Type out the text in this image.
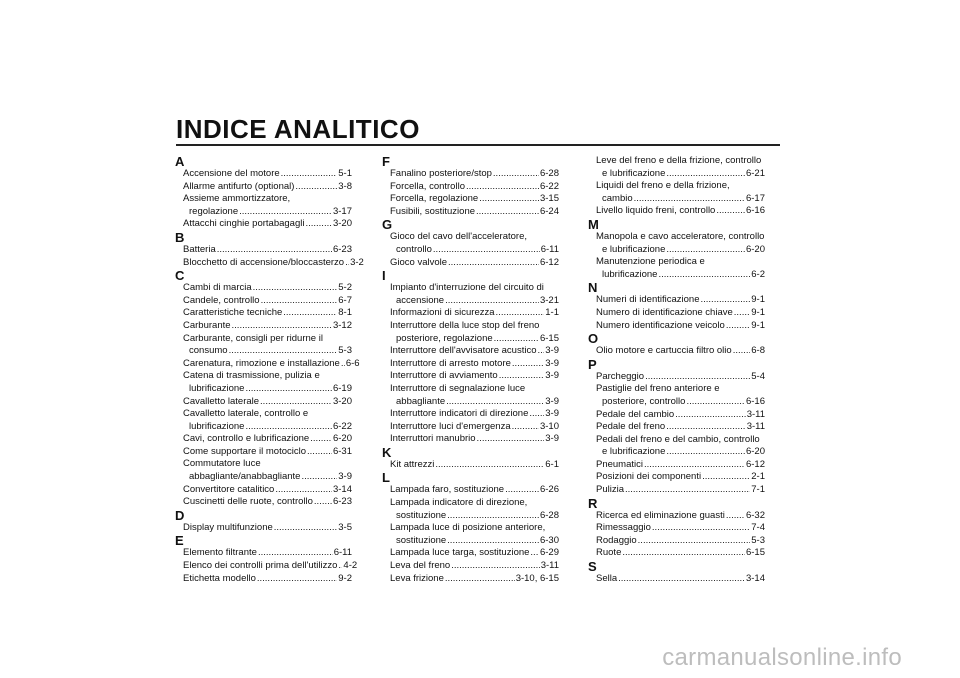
INDICE ANALITICO
A
Accensione del motore .....	5-1
Allarme antifurto (optional) .....	3-8
Assieme ammortizzatore,
regolazione .....	3-17
Attacchi cinghie portabagagli .....	3-20
B
Batteria .....	6-23
Blocchetto di accensione/bloccasterzo ..... 3-2
C
Cambi di marcia .....	5-2
Candele, controllo .....	6-7
Caratteristiche tecniche .....	8-1
Carburante .....	3-12
Carburante, consigli per ridurne il
consumo .....	5-3
Carenatura, rimozione e installazione ..... 6-6
Catena di trasmissione, pulizia e
lubrificazione .....	6-19
Cavalletto laterale .....	3-20
Cavalletto laterale, controllo e
lubrificazione .....	6-22
Cavi, controllo e lubrificazione .....	6-20
Come supportare il motociclo .....	6-31
Commutatore luce
abbagliante/anabbagliante .....	3-9
Convertitore catalitico .....	3-14
Cuscinetti delle ruote, controllo ..... 6-23
D
Display multifunzione .....	3-5
E
Elemento filtrante .....	6-11
Elenco dei controlli prima dell'utilizzo ..... 4-2
Etichetta modello .....	9-2
F
Fanalino posteriore/stop .....	6-28
Forcella, controllo .....	6-22
Forcella, regolazione .....	3-15
Fusibili, sostituzione .....	6-24
G
Gioco del cavo dell'acceleratore,
controllo .....	6-11
Gioco valvole .....	6-12
I
Impianto d'interruzione del circuito di
accensione .....	3-21
Informazioni di sicurezza .....	1-1
Interruttore della luce stop del freno
posteriore, regolazione .....	6-15
Interruttore dell'avvisatore acustico ..... 3-9
Interruttore di arresto motore .....	3-9
Interruttore di avviamento .....	3-9
Interruttore di segnalazione luce
abbagliante .....	3-9
Interruttore indicatori di direzione ..... 3-9
Interruttore luci d'emergenza .....	3-10
Interruttori manubrio .....	3-9
K
Kit attrezzi .....	6-1
L
Lampada faro, sostituzione .....	6-26
Lampada indicatore di direzione,
sostituzione .....	6-28
Lampada luce di posizione anteriore,
sostituzione .....	6-30
Lampada luce targa, sostituzione ..... 6-29
Leva del freno .....	3-11
Leva frizione .....	3-10, 6-15
Leve del freno e della frizione, controllo
e lubrificazione .....	6-21
Liquidi del freno e della frizione,
cambio .....	6-17
Livello liquido freni, controllo .....	6-16
M
Manopola e cavo acceleratore, controllo
e lubrificazione .....	6-20
Manutenzione periodica e
lubrificazione .....	6-2
N
Numeri di identificazione .....	9-1
Numero di identificazione chiave ..... 9-1
Numero identificazione veicolo .....	9-1
O
Olio motore e cartuccia filtro olio ..... 6-8
P
Parcheggio .....	5-4
Pastiglie del freno anteriore e
posteriore, controllo .....	6-16
Pedale del cambio .....	3-11
Pedale del freno .....	3-11
Pedali del freno e del cambio, controllo
e lubrificazione .....	6-20
Pneumatici .....	6-12
Posizioni dei componenti .....	2-1
Pulizia .....	7-1
R
Ricerca ed eliminazione guasti ..... 6-32
Rimessaggio .....	7-4
Rodaggio .....	5-3
Ruote .....	6-15
S
Sella .....	3-14
carmanualsonline.info
